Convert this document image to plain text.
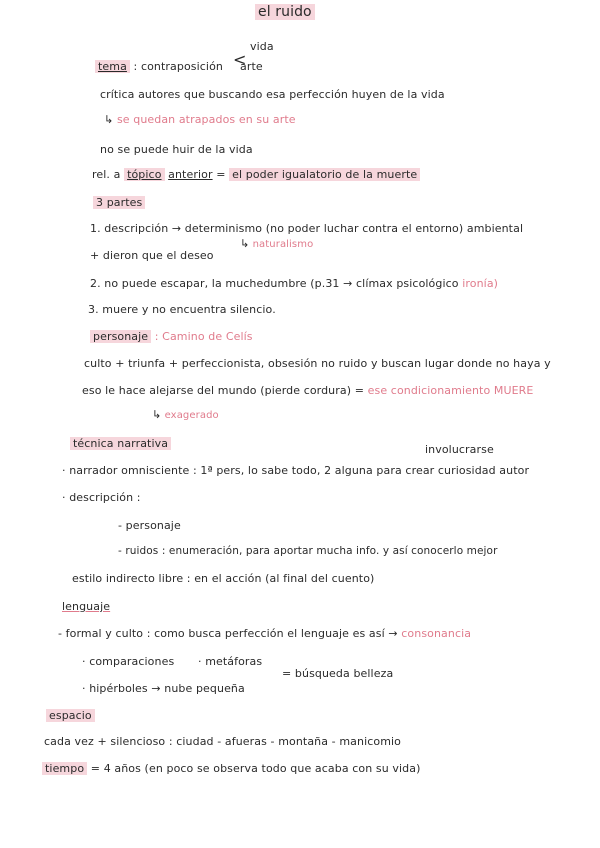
el ruido
tema : contraposición
vida
<
arte
crítica autores que buscando esa perfección huyen de la vida
↳ se quedan atrapados en su arte
no se puede huir de la vida
rel. a tópico anterior = el poder igualatorio de la muerte
3 partes
1. descripción → determinismo (no poder luchar contra el entorno) ambiental
↳ naturalismo
+ dieron que el deseo
2. no puede escapar, la muchedumbre (p.31 → clímax psicológico ironía)
3. muere y no encuentra silencio.
personaje : Camino de Celís
culto + triunfa + perfeccionista, obsesión no ruido y buscan lugar donde no haya y
eso le hace alejarse del mundo (pierde cordura) = ese condicionamiento MUERE
↳ exagerado
técnica narrativa	involucrarse
· narrador omnisciente : 1ª pers, lo sabe todo, 2 alguna para crear curiosidad autor
· descripción :
- personaje
- ruidos : enumeración, para aportar mucha info. y así conocerlo mejor
estilo indirecto libre : en el acción (al final del cuento)
lenguaje
- formal y culto : como busca perfección el lenguaje es así → consonancia
· comparaciones · metáforas
= búsqueda belleza
· hipérboles → nube pequeña
espacio
cada vez + silencioso : ciudad - afueras - montaña - manicomio
tiempo = 4 años (en poco se observa todo que acaba con su vida)
